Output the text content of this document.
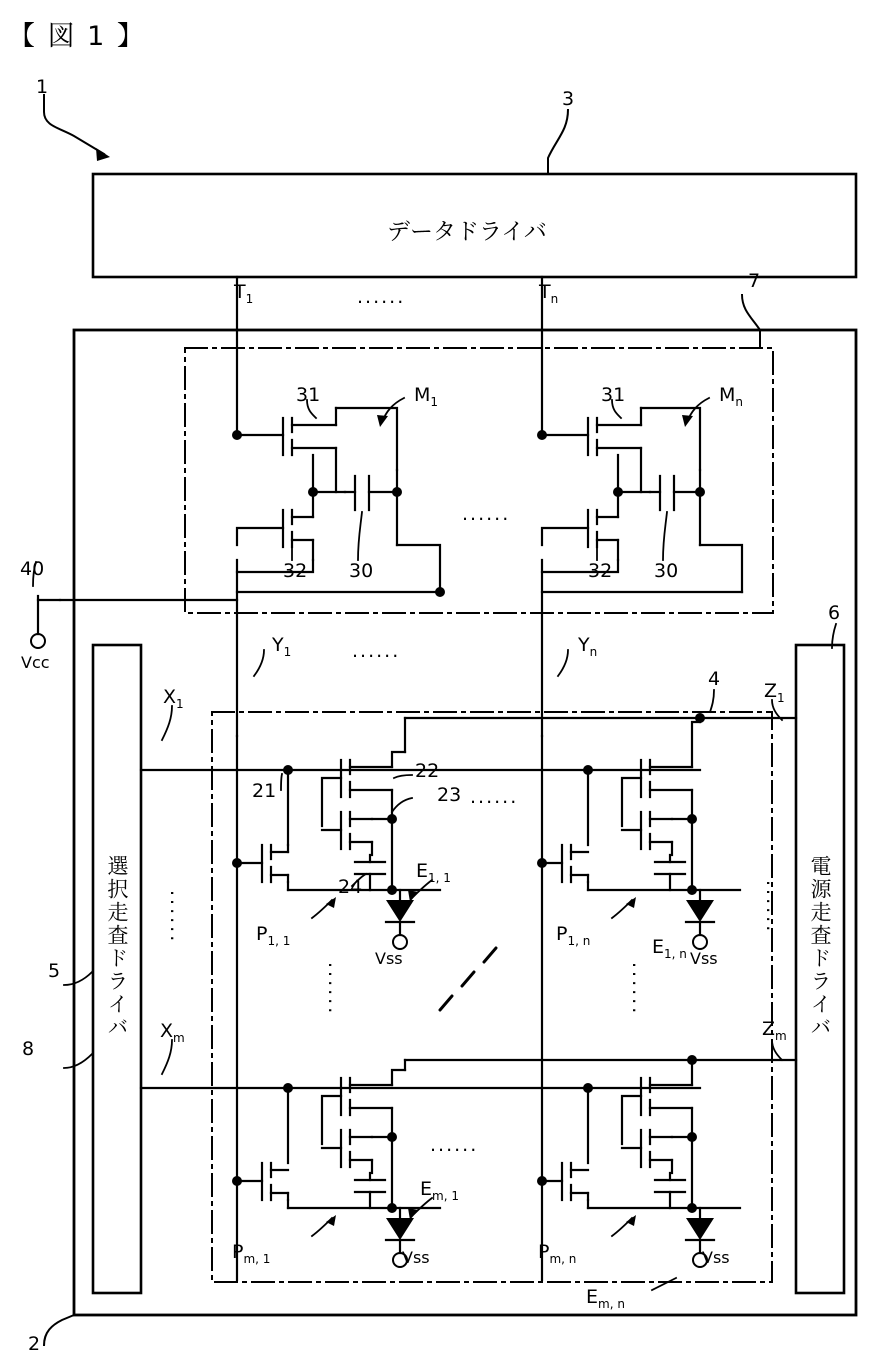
【 図 1 】
データドライバ
選択走査ドライバ	電源走査ドライバ
1
2
3
4
5
6
7
8
21
22
23
24
31	31
32	32
30	30
40
$T_1$	$T_n$
$M_1$	$M_n$
$Y_1$	$Y_n$
$X_1$
$X_m$
$Z_1$
$Z_m$
Vcc
Vss	Vss
Vss	Vss
$P_{1, 1}$	$P_{1, n}$
$P_{m, 1}$	$P_{m, n}$
$E_{1, 1}$
$E_{1, n}$
$E_{m, 1}$
$E_{m, n}$
......
......
......
......
......
......	......
......	......
